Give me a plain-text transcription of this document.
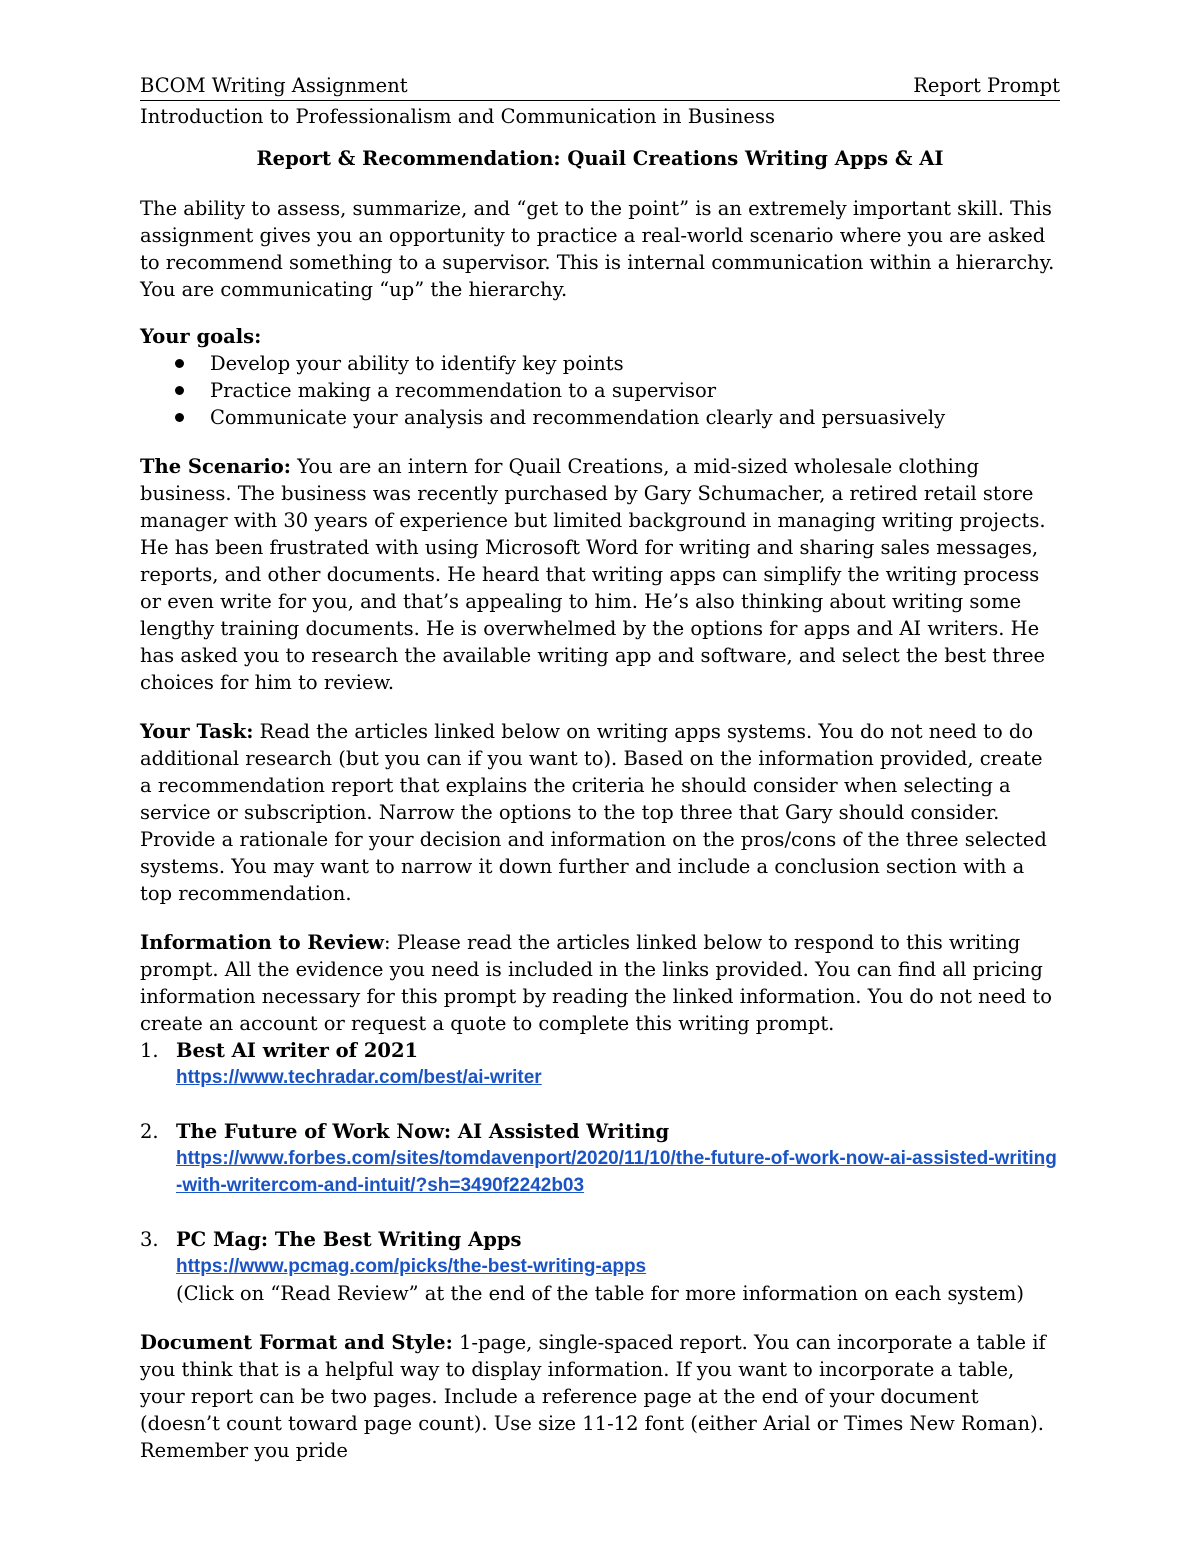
BCOM Writing Assignment	Report Prompt
Introduction to Professionalism and Communication in Business
Report & Recommendation: Quail Creations Writing Apps & AI

The ability to assess, summarize, and “get to the point” is an extremely important skill. This assignment gives you an opportunity to practice a real-world scenario where you are asked to recommend something to a supervisor. This is internal communication within a hierarchy. You are communicating “up” the hierarchy.

Your goals:
Develop your ability to identify key points
Practice making a recommendation to a supervisor
Communicate your analysis and recommendation clearly and persuasively

The Scenario: You are an intern for Quail Creations, a mid-sized wholesale clothing business. The business was recently purchased by Gary Schumacher, a retired retail store manager with 30 years of experience but limited background in managing writing projects. He has been frustrated with using Microsoft Word for writing and sharing sales messages, reports, and other documents. He heard that writing apps can simplify the writing process or even write for you, and that’s appealing to him. He’s also thinking about writing some lengthy training documents. He is overwhelmed by the options for apps and AI writers. He has asked you to research the available writing app and software, and select the best three choices for him to review.

Your Task: Read the articles linked below on writing apps systems. You do not need to do additional research (but you can if you want to). Based on the information provided, create a recommendation report that explains the criteria he should consider when selecting a service or subscription. Narrow the options to the top three that Gary should consider. Provide a rationale for your decision and information on the pros/cons of the three selected systems. You may want to narrow it down further and include a conclusion section with a top recommendation.

Information to Review: Please read the articles linked below to respond to this writing prompt. All the evidence you need is included in the links provided. You can find all pricing information necessary for this prompt by reading the linked information. You do not need to create an account or request a quote to complete this writing prompt.

1. Best AI writer of 2021
https://www.techradar.com/best/ai-writer
2. The Future of Work Now: AI Assisted Writing
https://www.forbes.com/sites/tomdavenport/2020/11/10/the-future-of-work-now-ai-assisted-writing-with-writercom-and-intuit/?sh=3490f2242b03
3. PC Mag: The Best Writing Apps
https://www.pcmag.com/picks/the-best-writing-apps
(Click on “Read Review” at the end of the table for more information on each system)

Document Format and Style: 1-page, single-spaced report. You can incorporate a table if you think that is a helpful way to display information. If you want to incorporate a table, your report can be two pages. Include a reference page at the end of your document (doesn’t count toward page count). Use size 11-12 font (either Arial or Times New Roman). Remember you pride
